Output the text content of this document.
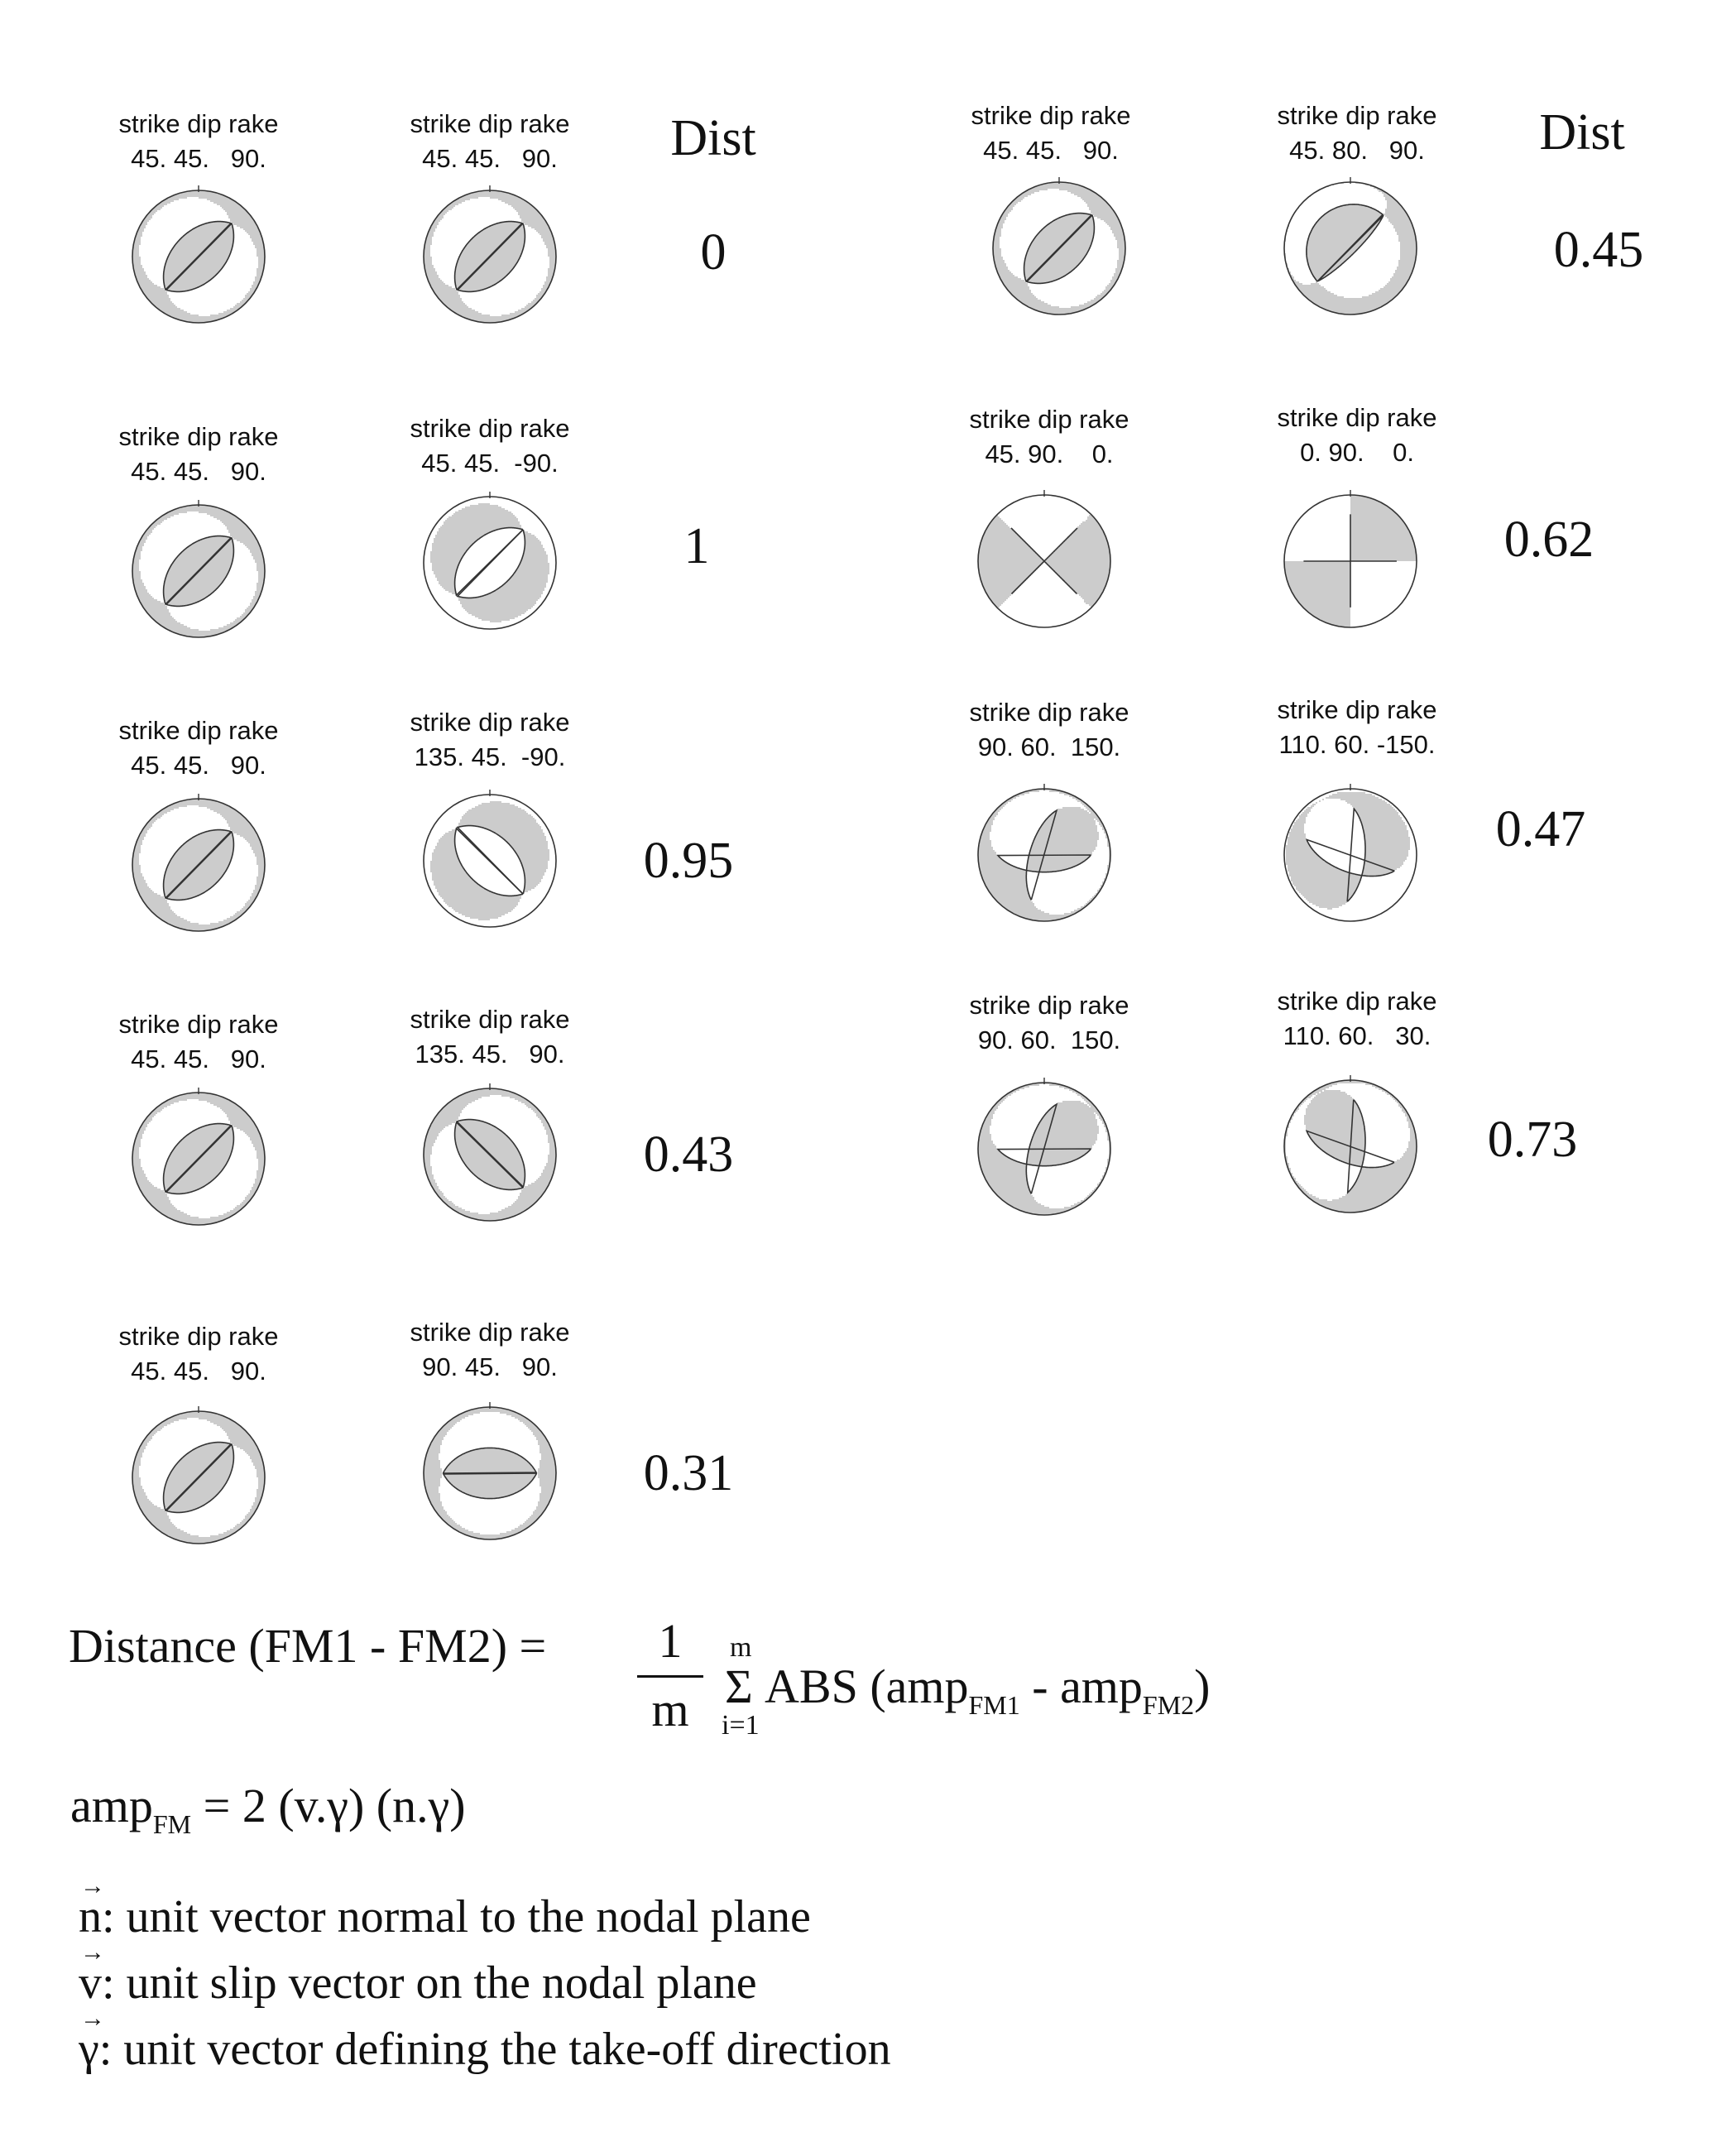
Dist	Dist
strike dip rake
45. 45.   90.
strike dip rake
45. 45.   90.
0
strike dip rake
45. 45.   90.
strike dip rake
45. 45.  -90.
1
strike dip rake
45. 45.   90.
strike dip rake
135. 45.  -90.
0.95
strike dip rake
45. 45.   90.
strike dip rake
135. 45.   90.
0.43
strike dip rake
45. 45.   90.
strike dip rake
90. 45.   90.
0.31
strike dip rake
45. 45.   90.
strike dip rake
45. 80.   90.
0.45
strike dip rake
45. 90.    0.
strike dip rake
0. 90.    0.
0.62
strike dip rake
90. 60.  150.
strike dip rake
110. 60. -150.
0.47
strike dip rake
90. 60.  150.
strike dip rake
110. 60.   30.
0.73
Distance (FM1 - FM2) =	1
m
m
Σ
i=1
ABS (amp$_{FM1}$ - amp$_{FM2}$)
amp$_{FM}$ = 2 (v.γ) (n.γ)
→
n: unit vector normal to the nodal plane
→
v: unit slip vector on the nodal plane
→
γ: unit vector defining the take-off direction
